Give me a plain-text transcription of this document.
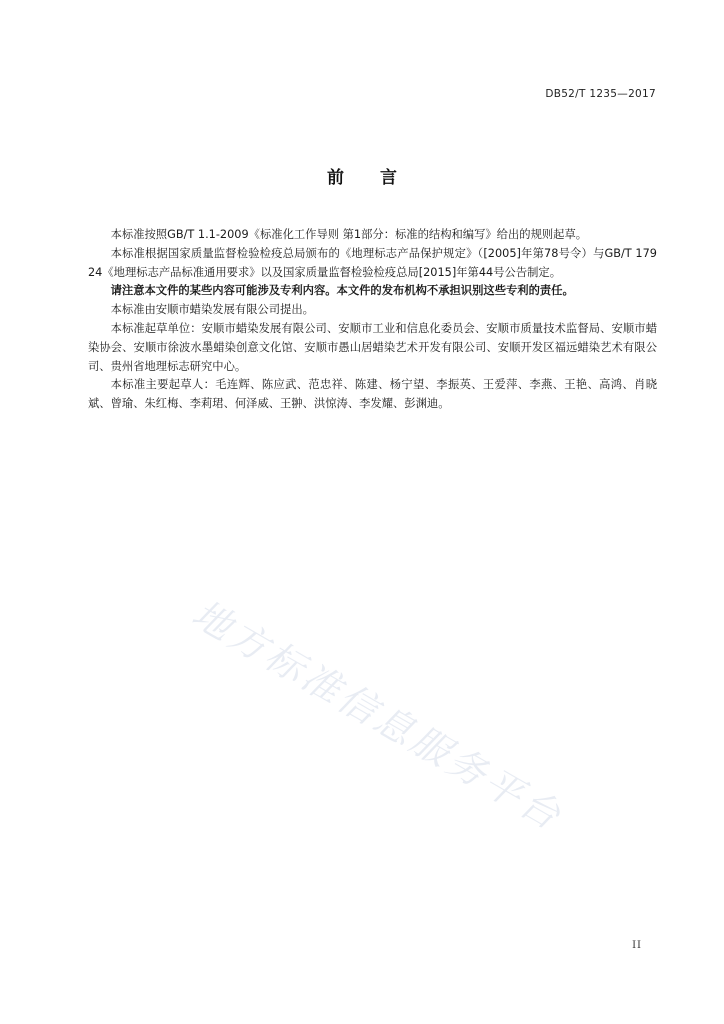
DB52/T 1235—2017
前言

本标准按照GB/T 1.1-2009《标准化工作导则 第1部分：标准的结构和编写》给出的规则起草。

本标准根据国家质量监督检验检疫总局颁布的《地理标志产品保护规定》（[2005]年第78号令）与GB/T 17924《地理标志产品标准通用要求》以及国家质量监督检验检疫总局[2015]年第44号公告制定。

请注意本文件的某些内容可能涉及专利内容。本文件的发布机构不承担识别这些专利的责任。

本标准由安顺市蜡染发展有限公司提出。

本标准起草单位：安顺市蜡染发展有限公司、安顺市工业和信息化委员会、安顺市质量技术监督局、安顺市蜡染协会、安顺市徐波水墨蜡染创意文化馆、安顺市愚山居蜡染艺术开发有限公司、安顺开发区福远蜡染艺术有限公司、贵州省地理标志研究中心。

本标准主要起草人：毛连辉、陈应武、范忠祥、陈建、杨宁望、李振英、王爱萍、李燕、王艳、高鸿、肖晓斌、曾瑜、朱红梅、李莉珺、何泽威、王翀、洪惊涛、李发耀、彭渊迪。

地方标准信息服务平台
II
